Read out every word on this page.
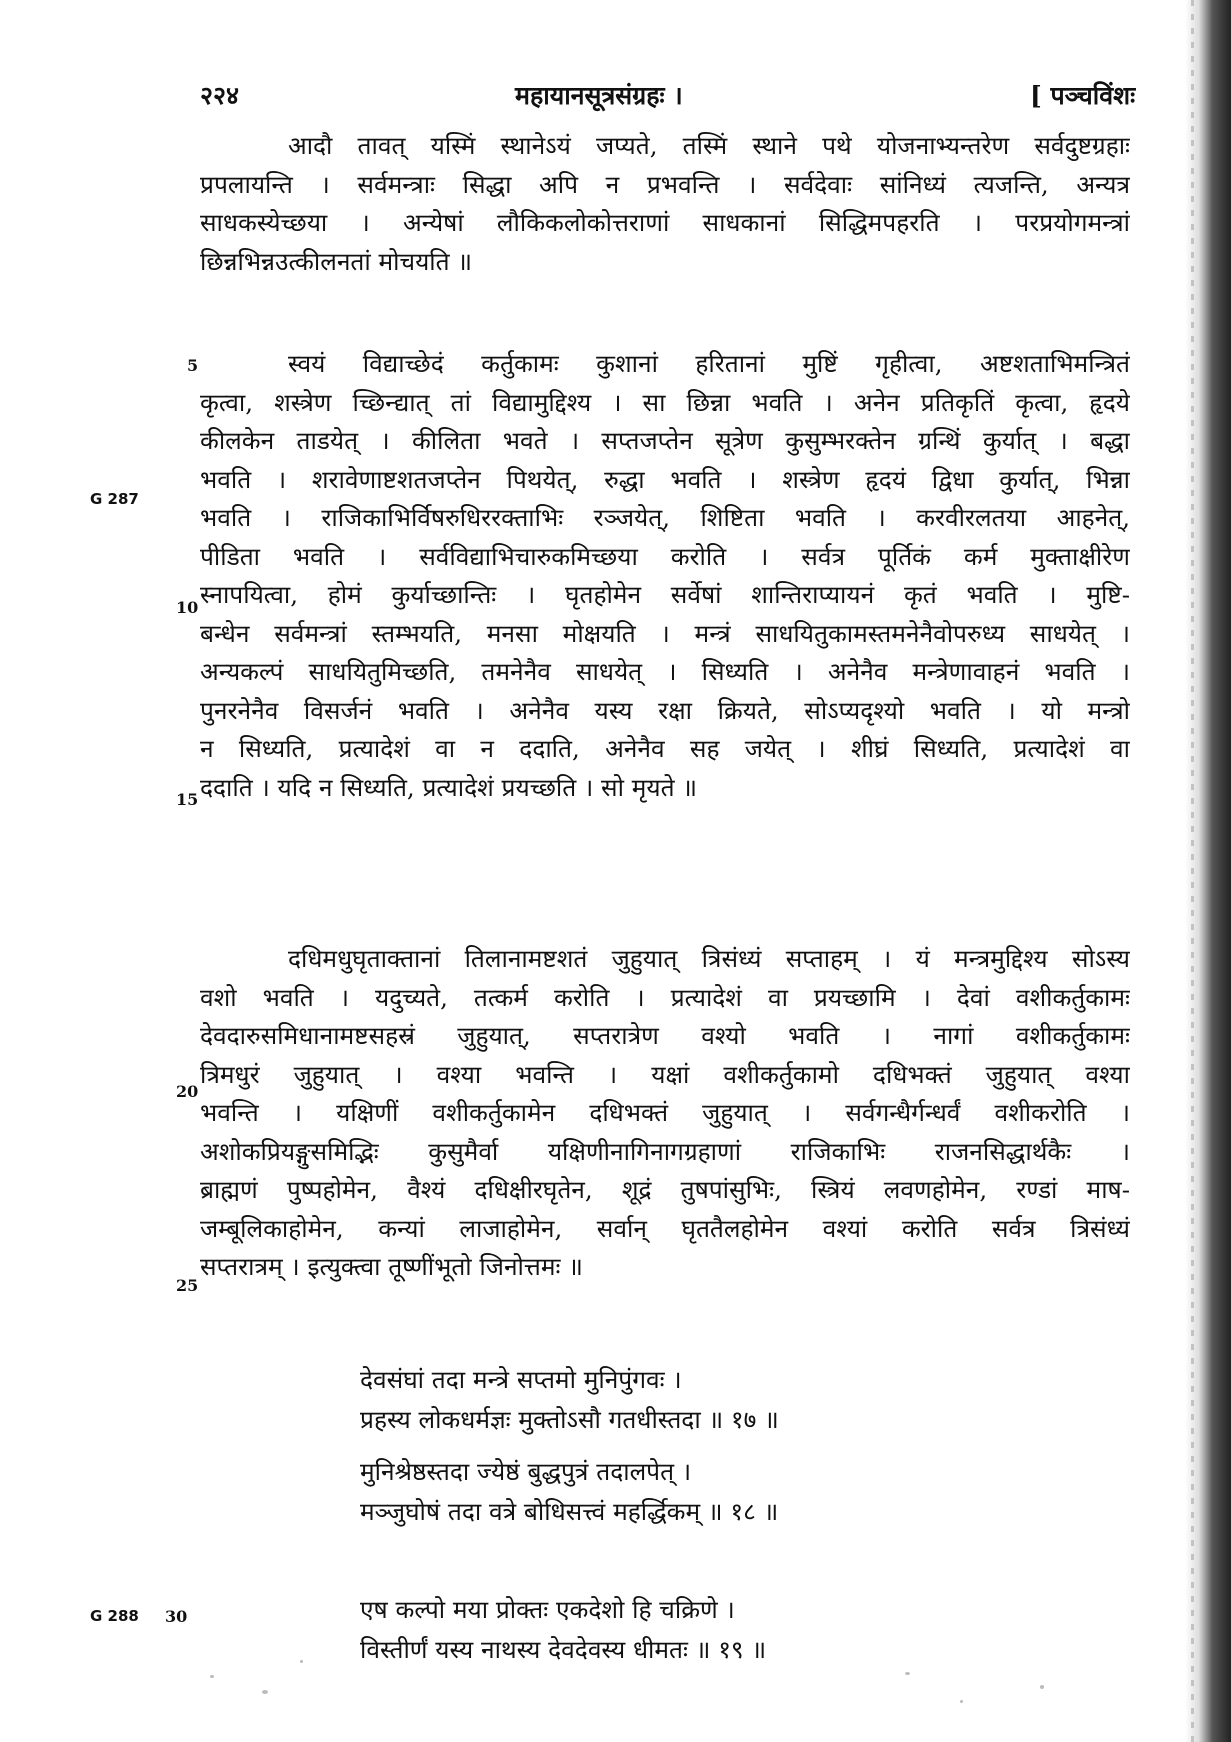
२२४	महायानसूत्रसंग्रहः ।	[ पञ्चविंशः
आदौ तावत् यस्मिं स्थानेऽयं जप्यते, तस्मिं स्थाने पथे योजनाभ्यन्तरेण सर्वदुष्टग्रहाः
प्रपलायन्ति । सर्वमन्त्राः सिद्धा अपि न प्रभवन्ति । सर्वदेवाः सांनिध्यं त्यजन्ति, अन्यत्र
साधकस्येच्छया । अन्येषां लौकिकलोकोत्तराणां साधकानां सिद्धिमपहरति । परप्रयोगमन्त्रां
छिन्नभिन्नउत्कीलनतां मोचयति ॥
5	स्वयं विद्याच्छेदं कर्तुकामः कुशानां हरितानां मुष्टिं गृहीत्वा, अष्टशताभिमन्त्रितं
कृत्वा, शस्त्रेण च्छिन्द्यात् तां विद्यामुद्दिश्य । सा छिन्ना भवति । अनेन प्रतिकृतिं कृत्वा, हृदये
कीलकेन ताडयेत् । कीलिता भवते । सप्तजप्तेन सूत्रेण कुसुम्भरक्तेन ग्रन्थिं कुर्यात् । बद्धा
भवति । शरावेणाष्टशतजप्तेन पिथयेत्, रुद्धा भवति । शस्त्रेण हृदयं द्विधा कुर्यात्, भिन्ना
भवति । राजिकाभिर्विषरुधिररक्ताभिः रञ्जयेत्, शिष्टिता भवति । करवीरलतया आहनेत्,
पीडिता भवति । सर्वविद्याभिचारुकमिच्छया करोति । सर्वत्र पूर्तिकं कर्म मुक्ताक्षीरेण
स्नापयित्वा, होमं कुर्याच्छान्तिः । घृतहोमेन सर्वेषां शान्तिराप्यायनं कृतं भवति । मुष्टि-
बन्धेन सर्वमन्त्रां स्तम्भयति, मनसा मोक्षयति । मन्त्रं साधयितुकामस्तमनेनैवोपरुध्य साधयेत् ।
अन्यकल्पं साधयितुमिच्छति, तमनेनैव साधयेत् । सिध्यति । अनेनैव मन्त्रेणावाहनं भवति ।
पुनरनेनैव विसर्जनं भवति । अनेनैव यस्य रक्षा क्रियते, सोऽप्यदृश्यो भवति । यो मन्त्रो
न सिध्यति, प्रत्यादेशं वा न ददाति, अनेनैव सह जयेत् । शीघ्रं सिध्यति, प्रत्यादेशं वा
ददाति । यदि न सिध्यति, प्रत्यादेशं प्रयच्छति । सो मृयते ॥
G 287
10
15
दधिमधुघृताक्तानां तिलानामष्टशतं जुहुयात् त्रिसंध्यं सप्ताहम् । यं मन्त्रमुद्दिश्य सोऽस्य
वशो भवति । यदुच्यते, तत्कर्म करोति । प्रत्यादेशं वा प्रयच्छामि । देवां वशीकर्तुकामः
देवदारुसमिधानामष्टसहस्रं जुहुयात्, सप्तरात्रेण वश्यो भवति । नागां वशीकर्तुकामः
त्रिमधुरं जुहुयात् । वश्या भवन्ति । यक्षां वशीकर्तुकामो दधिभक्तं जुहुयात् वश्या
भवन्ति । यक्षिणीं वशीकर्तुकामेन दधिभक्तं जुहुयात् । सर्वगन्धैर्गन्धर्वं वशीकरोति ।
अशोकप्रियङ्गुसमिद्भिः कुसुमैर्वा यक्षिणीनागिनागग्रहाणां राजिकाभिः राजनसिद्धार्थकैः ।
ब्राह्मणं पुष्पहोमेन, वैश्यं दधिक्षीरघृतेन, शूद्रं तुषपांसुभिः, स्त्रियं लवणहोमेन, रण्डां माष-
जम्बूलिकाहोमेन, कन्यां लाजाहोमेन, सर्वान् घृततैलहोमेन वश्यां करोति सर्वत्र त्रिसंध्यं
सप्तरात्रम् । इत्युक्त्वा तूष्णींभूतो जिनोत्तमः ॥
20
25
देवसंघां तदा मन्त्रे सप्तमो मुनिपुंगवः ।
प्रहस्य लोकधर्मज्ञः मुक्तोऽसौ गतधीस्तदा ॥ १७ ॥
मुनिश्रेष्ठस्तदा ज्येष्ठं बुद्धपुत्रं तदालपेत् ।
मञ्जुघोषं तदा वत्रे बोधिसत्त्वं महर्द्धिकम् ॥ १८ ॥
एष कल्पो मया प्रोक्तः एकदेशो हि चक्रिणे ।
विस्तीर्णं यस्य नाथस्य देवदेवस्य धीमतः ॥ १९ ॥
G 288 30
